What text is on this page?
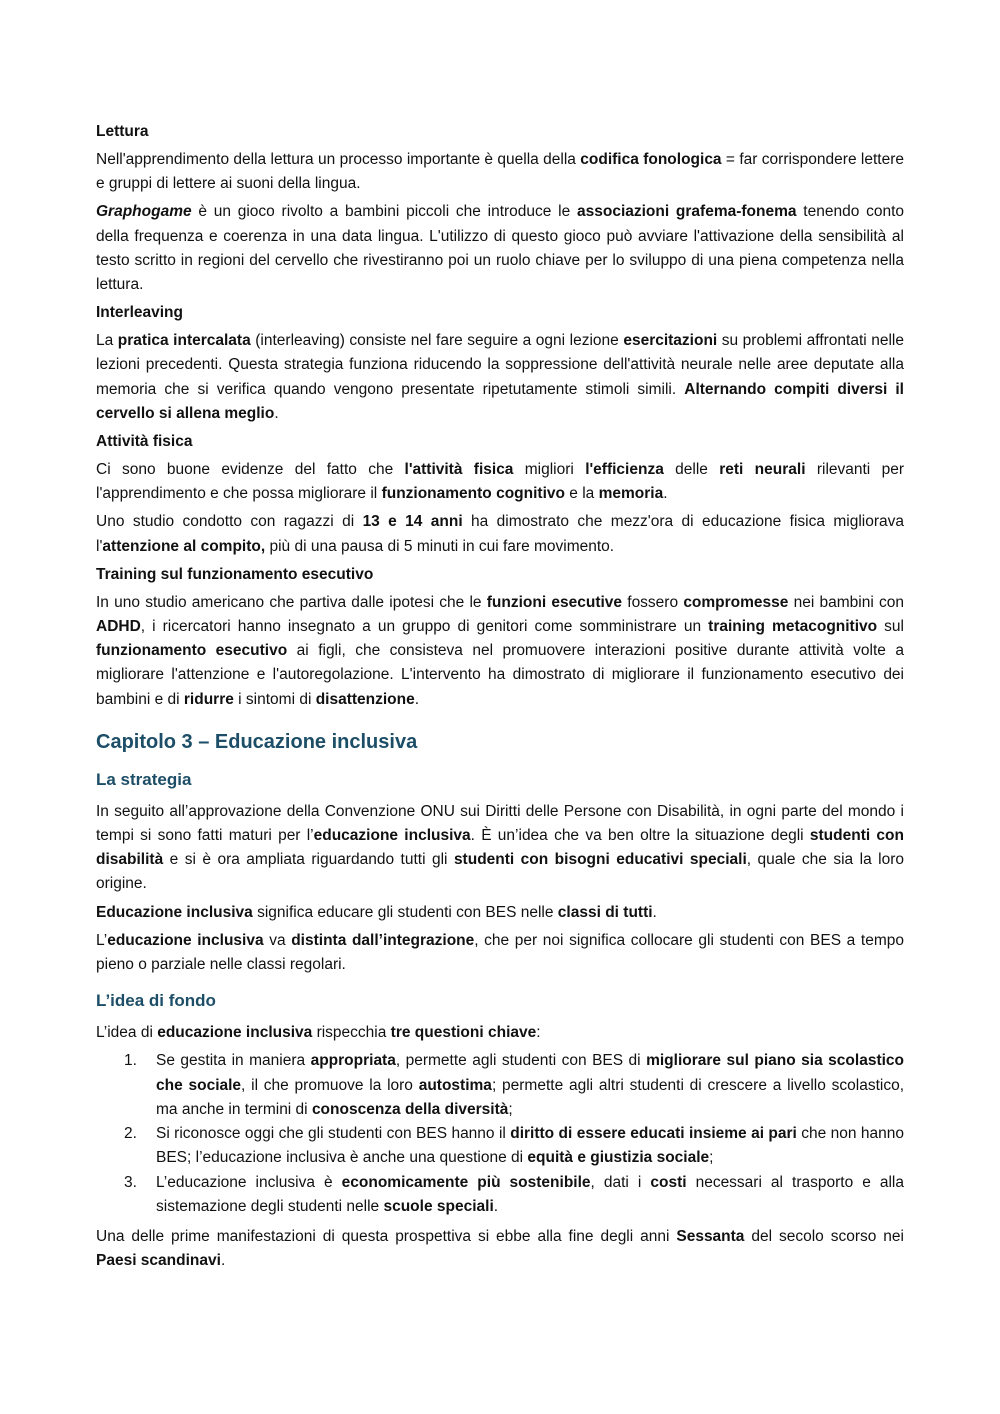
Lettura

Nell'apprendimento della lettura un processo importante è quella della codifica fonologica = far corrispondere lettere e gruppi di lettere ai suoni della lingua.

Graphogame è un gioco rivolto a bambini piccoli che introduce le associazioni grafema-fonema tenendo conto della frequenza e coerenza in una data lingua. L'utilizzo di questo gioco può avviare l'attivazione della sensibilità al testo scritto in regioni del cervello che rivestiranno poi un ruolo chiave per lo sviluppo di una piena competenza nella lettura.

Interleaving

La pratica intercalata (interleaving) consiste nel fare seguire a ogni lezione esercitazioni su problemi affrontati nelle lezioni precedenti. Questa strategia funziona riducendo la soppressione dell'attività neurale nelle aree deputate alla memoria che si verifica quando vengono presentate ripetutamente stimoli simili. Alternando compiti diversi il cervello si allena meglio.

Attività fisica

Ci sono buone evidenze del fatto che l'attività fisica migliori l'efficienza delle reti neurali rilevanti per l'apprendimento e che possa migliorare il funzionamento cognitivo e la memoria.

Uno studio condotto con ragazzi di 13 e 14 anni ha dimostrato che mezz'ora di educazione fisica migliorava l'attenzione al compito, più di una pausa di 5 minuti in cui fare movimento.

Training sul funzionamento esecutivo

In uno studio americano che partiva dalle ipotesi che le funzioni esecutive fossero compromesse nei bambini con ADHD, i ricercatori hanno insegnato a un gruppo di genitori come somministrare un training metacognitivo sul funzionamento esecutivo ai figli, che consisteva nel promuovere interazioni positive durante attività volte a migliorare l'attenzione e l'autoregolazione. L'intervento ha dimostrato di migliorare il funzionamento esecutivo dei bambini e di ridurre i sintomi di disattenzione.

Capitolo 3 – Educazione inclusiva
La strategia

In seguito all’approvazione della Convenzione ONU sui Diritti delle Persone con Disabilità, in ogni parte del mondo i tempi si sono fatti maturi per l’educazione inclusiva. È un’idea che va ben oltre la situazione degli studenti con disabilità e si è ora ampliata riguardando tutti gli studenti con bisogni educativi speciali, quale che sia la loro origine.

Educazione inclusiva significa educare gli studenti con BES nelle classi di tutti.

L’educazione inclusiva va distinta dall’integrazione, che per noi significa collocare gli studenti con BES a tempo pieno o parziale nelle classi regolari.

L’idea di fondo

L’idea di educazione inclusiva rispecchia tre questioni chiave:

1. Se gestita in maniera appropriata, permette agli studenti con BES di migliorare sul piano sia scolastico che sociale, il che promuove la loro autostima; permette agli altri studenti di crescere a livello scolastico, ma anche in termini di conoscenza della diversità;
2. Si riconosce oggi che gli studenti con BES hanno il diritto di essere educati insieme ai pari che non hanno BES; l’educazione inclusiva è anche una questione di equità e giustizia sociale;
3. L’educazione inclusiva è economicamente più sostenibile, dati i costi necessari al trasporto e alla sistemazione degli studenti nelle scuole speciali.

Una delle prime manifestazioni di questa prospettiva si ebbe alla fine degli anni Sessanta del secolo scorso nei Paesi scandinavi.
